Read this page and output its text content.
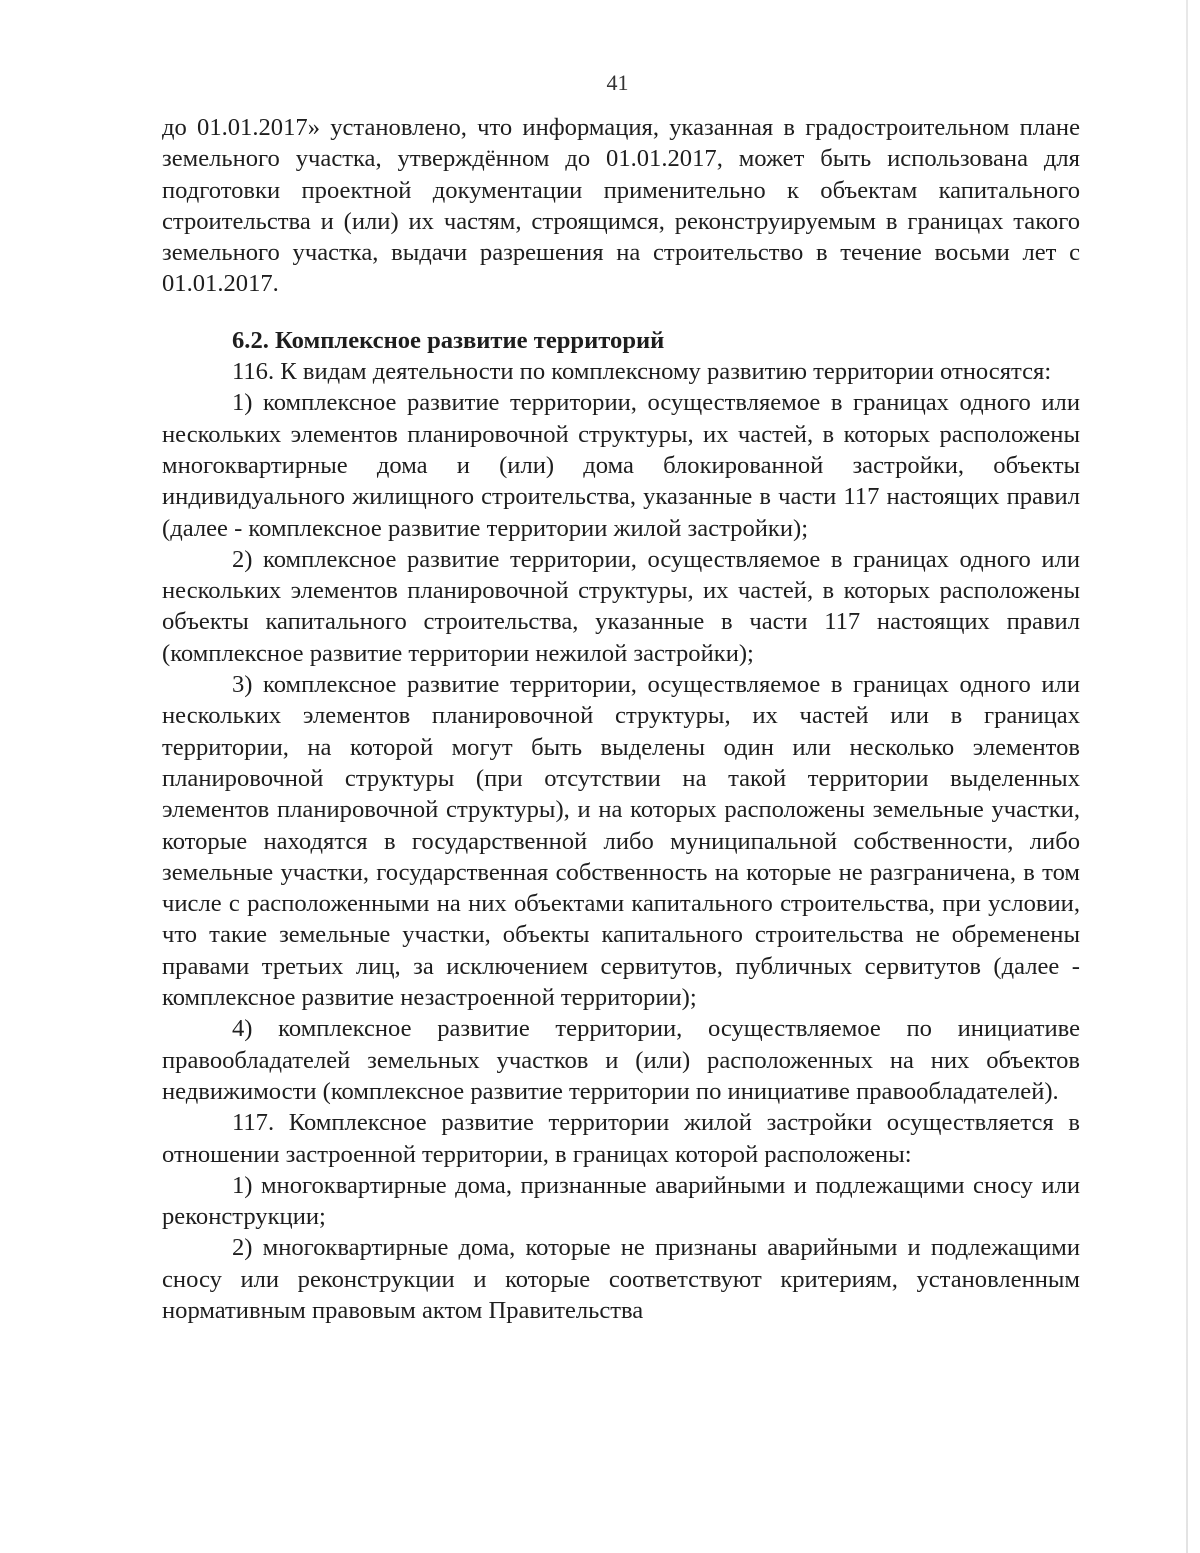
41

до 01.01.2017» установлено, что информация, указанная в градостроительном плане земельного участка, утверждённом до 01.01.2017, может быть использована для подготовки проектной документации применительно к объектам капитального строительства и (или) их частям, строящимся, реконструируемым в границах такого земельного участка, выдачи разрешения на строительство в течение восьми лет с 01.01.2017.

6.2. Комплексное развитие территорий

116. К видам деятельности по комплексному развитию территории относятся:

1) комплексное развитие территории, осуществляемое в границах одного или нескольких элементов планировочной структуры, их частей, в которых расположены многоквартирные дома и (или) дома блокированной застройки, объекты индивидуального жилищного строительства, указанные в части 117 настоящих правил (далее - комплексное развитие территории жилой застройки);

2) комплексное развитие территории, осуществляемое в границах одного или нескольких элементов планировочной структуры, их частей, в которых расположены объекты капитального строительства, указанные в части 117 настоящих правил (комплексное развитие территории нежилой застройки);

3) комплексное развитие территории, осуществляемое в границах одного или нескольких элементов планировочной структуры, их частей или в границах территории, на которой могут быть выделены один или несколько элементов планировочной структуры (при отсутствии на такой территории выделенных элементов планировочной структуры), и на которых расположены земельные участки, которые находятся в государственной либо муниципальной собственности, либо земельные участки, государственная собственность на которые не разграничена, в том числе с расположенными на них объектами капитального строительства, при условии, что такие земельные участки, объекты капитального строительства не обременены правами третьих лиц, за исключением сервитутов, публичных сервитутов (далее - комплексное развитие незастроенной территории);

4) комплексное развитие территории, осуществляемое по инициативе правообладателей земельных участков и (или) расположенных на них объектов недвижимости (комплексное развитие территории по инициативе правообладателей).

117. Комплексное развитие территории жилой застройки осуществляется в отношении застроенной территории, в границах которой расположены:

1) многоквартирные дома, признанные аварийными и подлежащими сносу или реконструкции;

2) многоквартирные дома, которые не признаны аварийными и подлежащими сносу или реконструкции и которые соответствуют критериям, установленным нормативным правовым актом Правительства
